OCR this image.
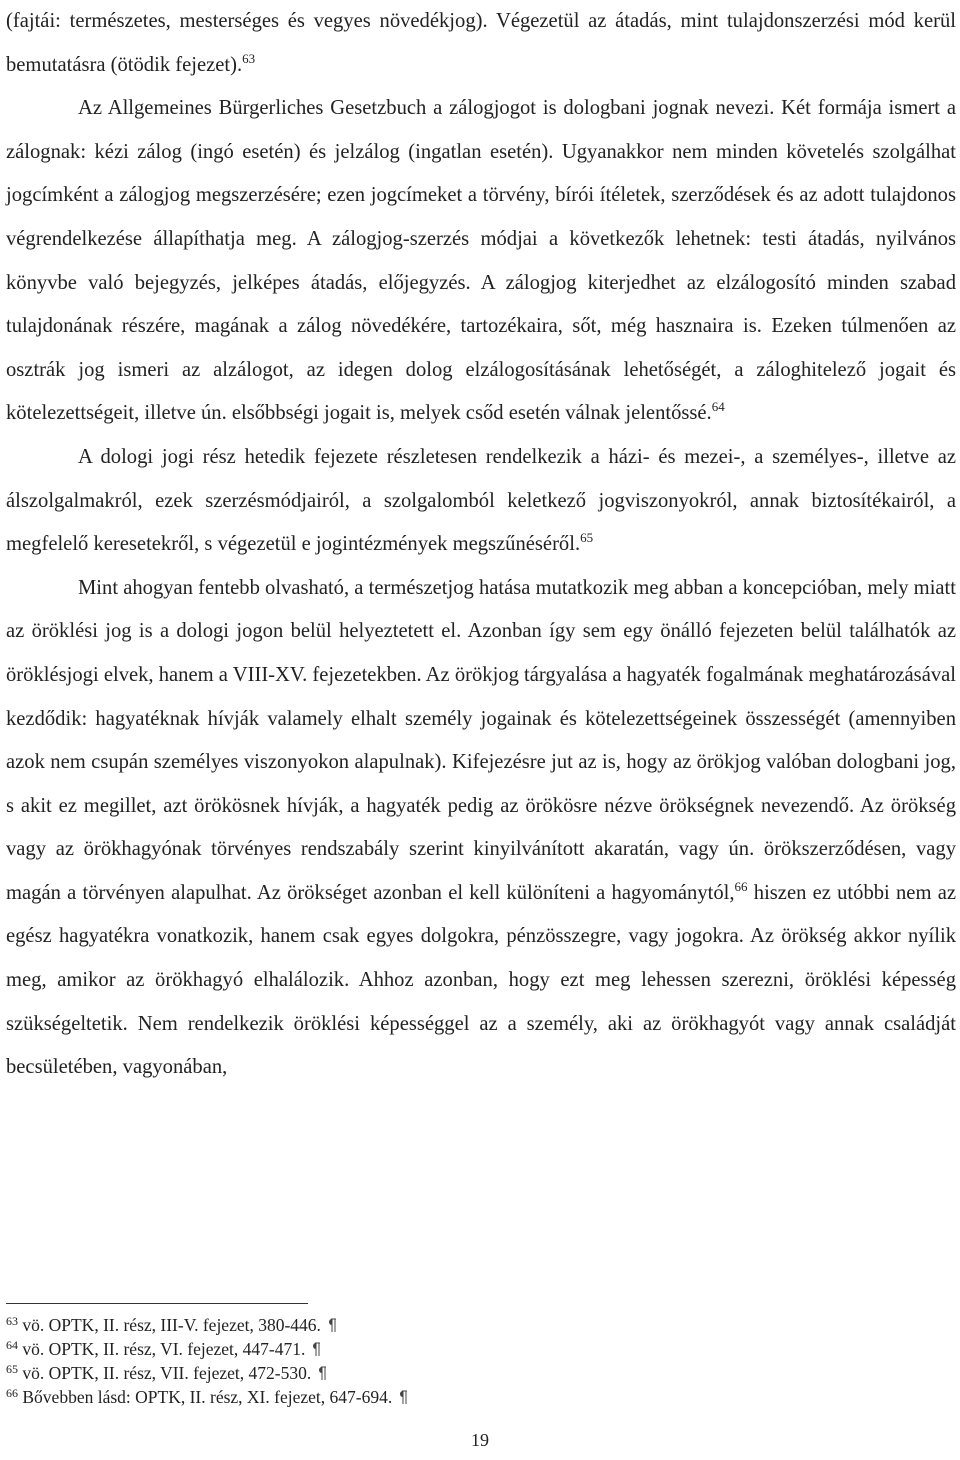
(fajtái: természetes, mesterséges és vegyes növedékjog). Végezetül az átadás, mint tulajdonszerzési mód kerül bemutatásra (ötödik fejezet).$^{63}$

Az Allgemeines Bürgerliches Gesetzbuch a zálogjogot is dologbani jognak nevezi. Két formája ismert a zálognak: kézi zálog (ingó esetén) és jelzálog (ingatlan esetén). Ugyanakkor nem minden követelés szolgálhat jogcímként a zálogjog megszerzésére; ezen jogcímeket a törvény, bírói ítéletek, szerződések és az adott tulajdonos végrendelkezése állapíthatja meg. A zálogjog-szerzés módjai a következők lehetnek: testi átadás, nyilvános könyvbe való bejegyzés, jelképes átadás, előjegyzés. A zálogjog kiterjedhet az elzálogosító minden szabad tulajdonának részére, magának a zálog növedékére, tartozékaira, sőt, még hasznaira is. Ezeken túlmenően az osztrák jog ismeri az alzálogot, az idegen dolog elzálogosításának lehetőségét, a záloghitelező jogait és kötelezettségeit, illetve ún. elsőbbségi jogait is, melyek csőd esetén válnak jelentőssé.$^{64}$

A dologi jogi rész hetedik fejezete részletesen rendelkezik a házi- és mezei-, a személyes-, illetve az álszolgalmakról, ezek szerzésmódjairól, a szolgalomból keletkező jogviszonyokról, annak biztosítékairól, a megfelelő keresetekről, s végezetül e jogintézmények megszűnéséről.$^{65}$

Mint ahogyan fentebb olvasható, a természetjog hatása mutatkozik meg abban a koncepcióban, mely miatt az öröklési jog is a dologi jogon belül helyeztetett el. Azonban így sem egy önálló fejezeten belül találhatók az öröklésjogi elvek, hanem a VIII-XV. fejezetekben. Az örökjog tárgyalása a hagyaték fogalmának meghatározásával kezdődik: hagyatéknak hívják valamely elhalt személy jogainak és kötelezettségeinek összességét (amennyiben azok nem csupán személyes viszonyokon alapulnak). Kifejezésre jut az is, hogy az örökjog valóban dologbani jog, s akit ez megillet, azt örökösnek hívják, a hagyaték pedig az örökösre nézve örökségnek nevezendő. Az örökség vagy az örökhagyónak törvényes rendszabály szerint kinyilvánított akaratán, vagy ún. örökszerződésen, vagy magán a törvényen alapulhat. Az örökséget azonban el kell különíteni a hagyománytól,$^{66}$ hiszen ez utóbbi nem az egész hagyatékra vonatkozik, hanem csak egyes dolgokra, pénzösszegre, vagy jogokra. Az örökség akkor nyílik meg, amikor az örökhagyó elhalálozik. Ahhoz azonban, hogy ezt meg lehessen szerezni, öröklési képesség szükségeltetik. Nem rendelkezik öröklési képességgel az a személy, aki az örökhagyót vagy annak családját becsületében, vagyonában,

$^{63}$ vö. OPTK, II. rész, III-V. fejezet, 380-446.
$^{64}$ vö. OPTK, II. rész, VI. fejezet, 447-471.
$^{65}$ vö. OPTK, II. rész, VII. fejezet, 472-530.
$^{66}$ Bővebben lásd: OPTK, II. rész, XI. fejezet, 647-694.
19
